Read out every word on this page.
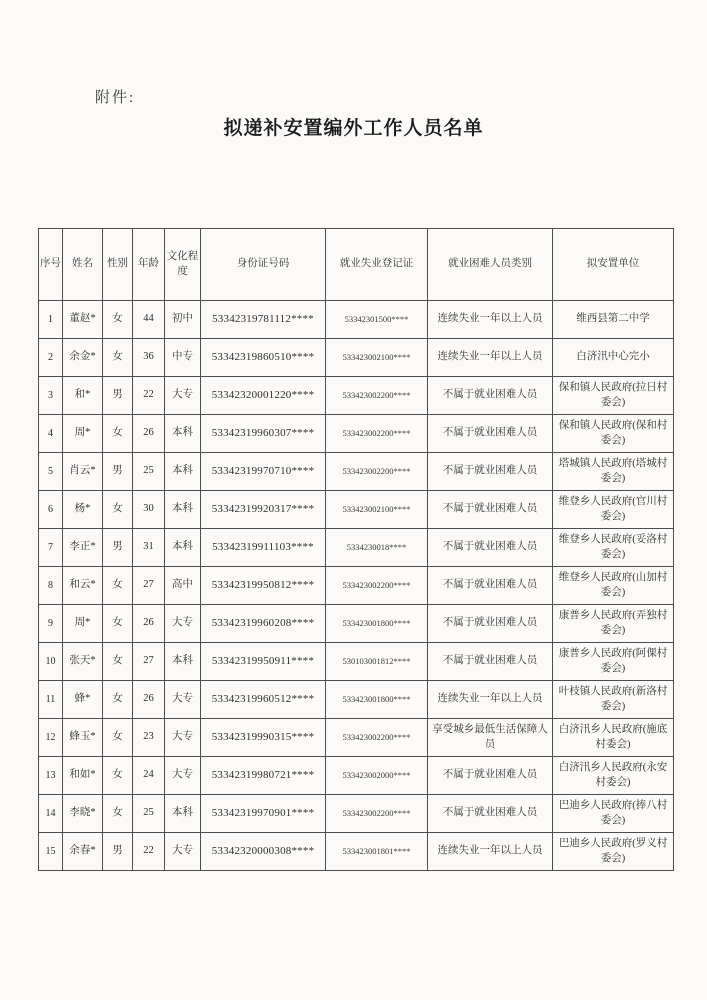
附件:
拟递补安置编外工作人员名单
序号	姓名	性别	年龄	文化程度	身份证号码	就业失业登记证	就业困难人员类别	拟安置单位
1	董赵*	女	44	初中	53342319781112****	53342301500****	连续失业一年以上人员	维西县第二中学
2	余金*	女	36	中专	53342319860510****	533423002100****	连续失业一年以上人员	白济汛中心完小
3	和*	男	22	大专	53342320001220****	533423002200****	不属于就业困难人员	保和镇人民政府(拉日村委会)
4	周*	女	26	本科	53342319960307****	533423002200****	不属于就业困难人员	保和镇人民政府(保和村委会)
5	肖云*	男	25	本科	53342319970710****	533423002200****	不属于就业困难人员	塔城镇人民政府(塔城村委会)
6	杨*	女	30	本科	53342319920317****	533423002100****	不属于就业困难人员	维登乡人民政府(官川村委会)
7	李正*	男	31	本科	53342319911103****	5334230018****	不属于就业困难人员	维登乡人民政府(妥洛村委会)
8	和云*	女	27	高中	53342319950812****	533423002200****	不属于就业困难人员	维登乡人民政府(山加村委会)
9	周*	女	26	大专	53342319960208****	533423001800****	不属于就业困难人员	康普乡人民政府(弄独村委会)
10	张天*	女	27	本科	53342319950911****	530103001812****	不属于就业困难人员	康普乡人民政府(阿倮村委会)
11	蜂*	女	26	大专	53342319960512****	533423001800****	连续失业一年以上人员	叶枝镇人民政府(新洛村委会)
12	蜂玉*	女	23	大专	53342319990315****	533423002200****	享受城乡最低生活保障人员	白济汛乡人民政府(施底村委会)
13	和如*	女	24	大专	53342319980721****	533423002000****	不属于就业困难人员	白济汛乡人民政府(永安村委会)
14	李晓*	女	25	本科	53342319970901****	533423002200****	不属于就业困难人员	巴迪乡人民政府(捧八村委会)
15	余春*	男	22	大专	53342320000308****	533423001801****	连续失业一年以上人员	巴迪乡人民政府(罗义村委会)
